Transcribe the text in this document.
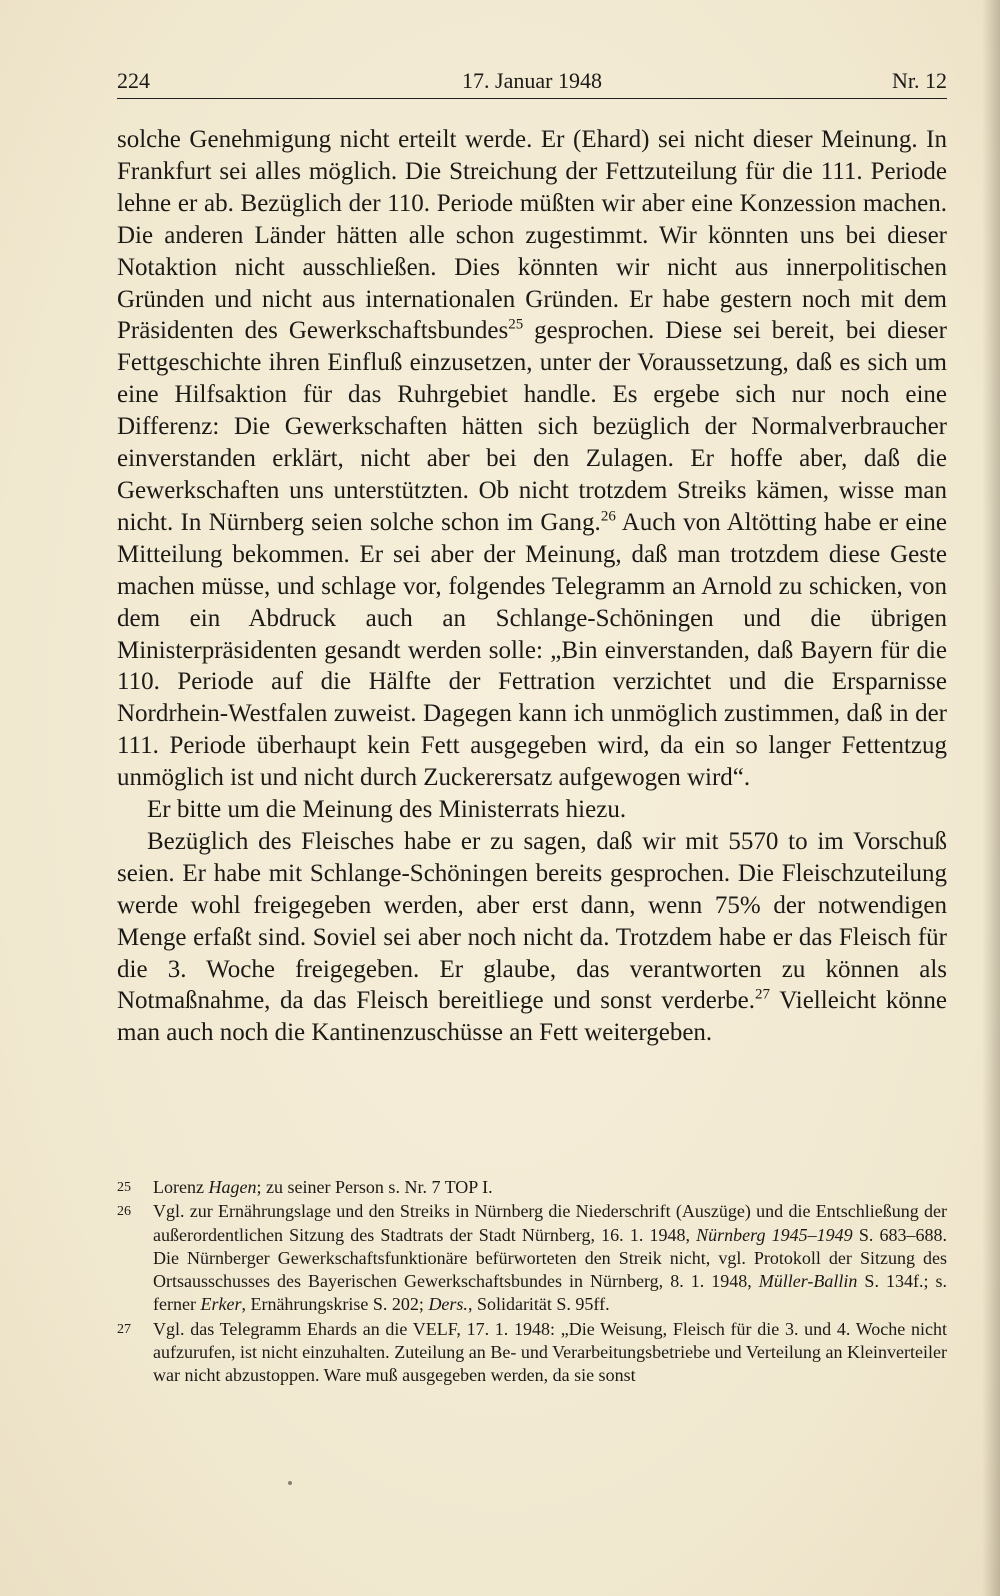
224	17. Januar 1948	Nr. 12

solche Genehmigung nicht erteilt werde. Er (Ehard) sei nicht dieser Meinung. In Frankfurt sei alles möglich. Die Streichung der Fettzuteilung für die 111. Periode lehne er ab. Bezüglich der 110. Periode müßten wir aber eine Konzession machen. Die anderen Länder hätten alle schon zugestimmt. Wir könnten uns bei dieser Notaktion nicht ausschließen. Dies könnten wir nicht aus innerpolitischen Gründen und nicht aus internationalen Gründen. Er habe gestern noch mit dem Präsidenten des Gewerkschaftsbundes$^{25}$ gesprochen. Diese sei bereit, bei dieser Fettgeschichte ihren Einfluß einzusetzen, unter der Voraussetzung, daß es sich um eine Hilfsaktion für das Ruhrgebiet handle. Es ergebe sich nur noch eine Differenz: Die Gewerkschaften hätten sich bezüglich der Normalverbraucher einverstanden erklärt, nicht aber bei den Zulagen. Er hoffe aber, daß die Gewerkschaften uns unterstützten. Ob nicht trotzdem Streiks kämen, wisse man nicht. In Nürnberg seien solche schon im Gang.$^{26}$ Auch von Altötting habe er eine Mitteilung bekommen. Er sei aber der Meinung, daß man trotzdem diese Geste machen müsse, und schlage vor, folgendes Telegramm an Arnold zu schicken, von dem ein Abdruck auch an Schlange-Schöningen und die übrigen Ministerpräsidenten gesandt werden solle: „Bin einverstanden, daß Bayern für die 110. Periode auf die Hälfte der Fettration verzichtet und die Ersparnisse Nordrhein-Westfalen zuweist. Dagegen kann ich unmöglich zustimmen, daß in der 111. Periode überhaupt kein Fett ausgegeben wird, da ein so langer Fettentzug unmöglich ist und nicht durch Zuckerersatz aufgewogen wird“.

Er bitte um die Meinung des Ministerrats hiezu.

Bezüglich des Fleisches habe er zu sagen, daß wir mit 5570 to im Vorschuß seien. Er habe mit Schlange-Schöningen bereits gesprochen. Die Fleischzuteilung werde wohl freigegeben werden, aber erst dann, wenn 75% der notwendigen Menge erfaßt sind. Soviel sei aber noch nicht da. Trotzdem habe er das Fleisch für die 3. Woche freigegeben. Er glaube, das verantworten zu können als Notmaßnahme, da das Fleisch bereitliege und sonst verderbe.$^{27}$ Vielleicht könne man auch noch die Kantinenzuschüsse an Fett weitergeben.

25 Lorenz Hagen; zu seiner Person s. Nr. 7 TOP I.
26 Vgl. zur Ernährungslage und den Streiks in Nürnberg die Niederschrift (Auszüge) und die Entschließung der außerordentlichen Sitzung des Stadtrats der Stadt Nürnberg, 16. 1. 1948, Nürnberg 1945–1949 S. 683–688. Die Nürnberger Gewerkschaftsfunktionäre befürworteten den Streik nicht, vgl. Protokoll der Sitzung des Ortsausschusses des Bayerischen Gewerkschaftsbundes in Nürnberg, 8. 1. 1948, Müller-Ballin S. 134f.; s. ferner Erker, Ernährungskrise S. 202; Ders., Solidarität S. 95ff.
27 Vgl. das Telegramm Ehards an die VELF, 17. 1. 1948: „Die Weisung, Fleisch für die 3. und 4. Woche nicht aufzurufen, ist nicht einzuhalten. Zuteilung an Be- und Verarbeitungsbetriebe und Verteilung an Kleinverteiler war nicht abzustoppen. Ware muß ausgegeben werden, da sie sonst
